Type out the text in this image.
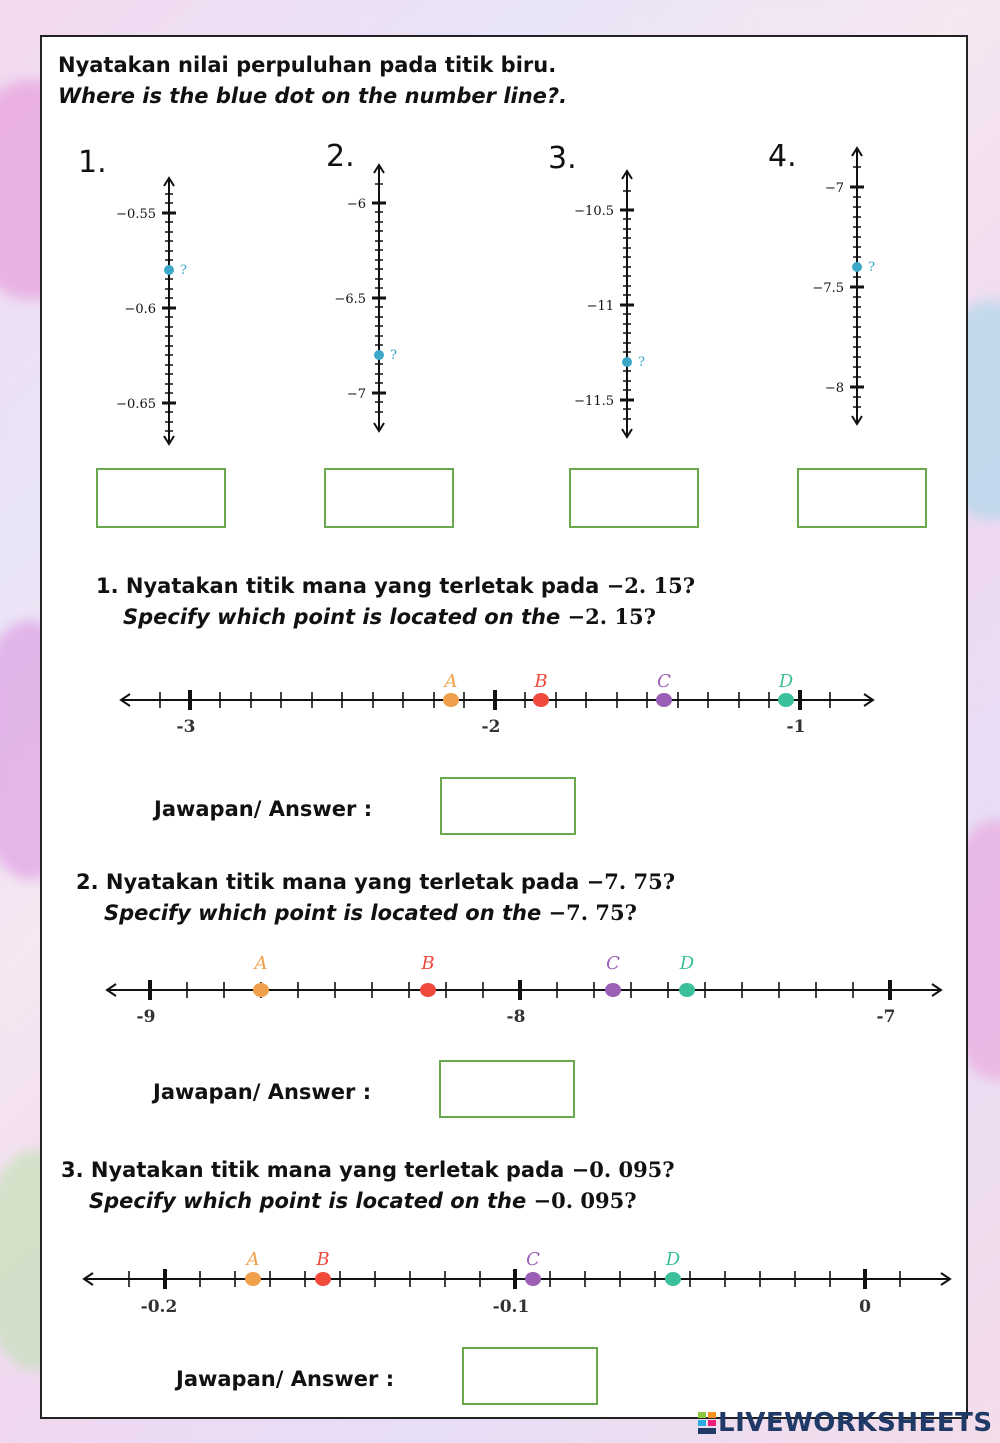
Nyatakan nilai perpuluhan pada titik biru.
Where is the blue dot on the number line?.
1.	2.	3.	4.
−0.55
−0.6
−0.65
?
−6
−6.5
−7
?
−10.5
−11
−11.5
?
−7
−7.5
−8
?
1. Nyatakan titik mana yang terletak pada −2. 15?
Specify which point is located on the −2. 15?
-3	-2	-1
A	B	C	D
Jawapan/ Answer :
2. Nyatakan titik mana yang terletak pada −7. 75?
Specify which point is located on the −7. 75?
-9	-8	-7
A	B	C	D
Jawapan/ Answer :
3. Nyatakan titik mana yang terletak pada −0. 095?
Specify which point is located on the −0. 095?
-0.2	-0.1	0
A	B	C	D
Jawapan/ Answer :
LIVEWORKSHEETS
